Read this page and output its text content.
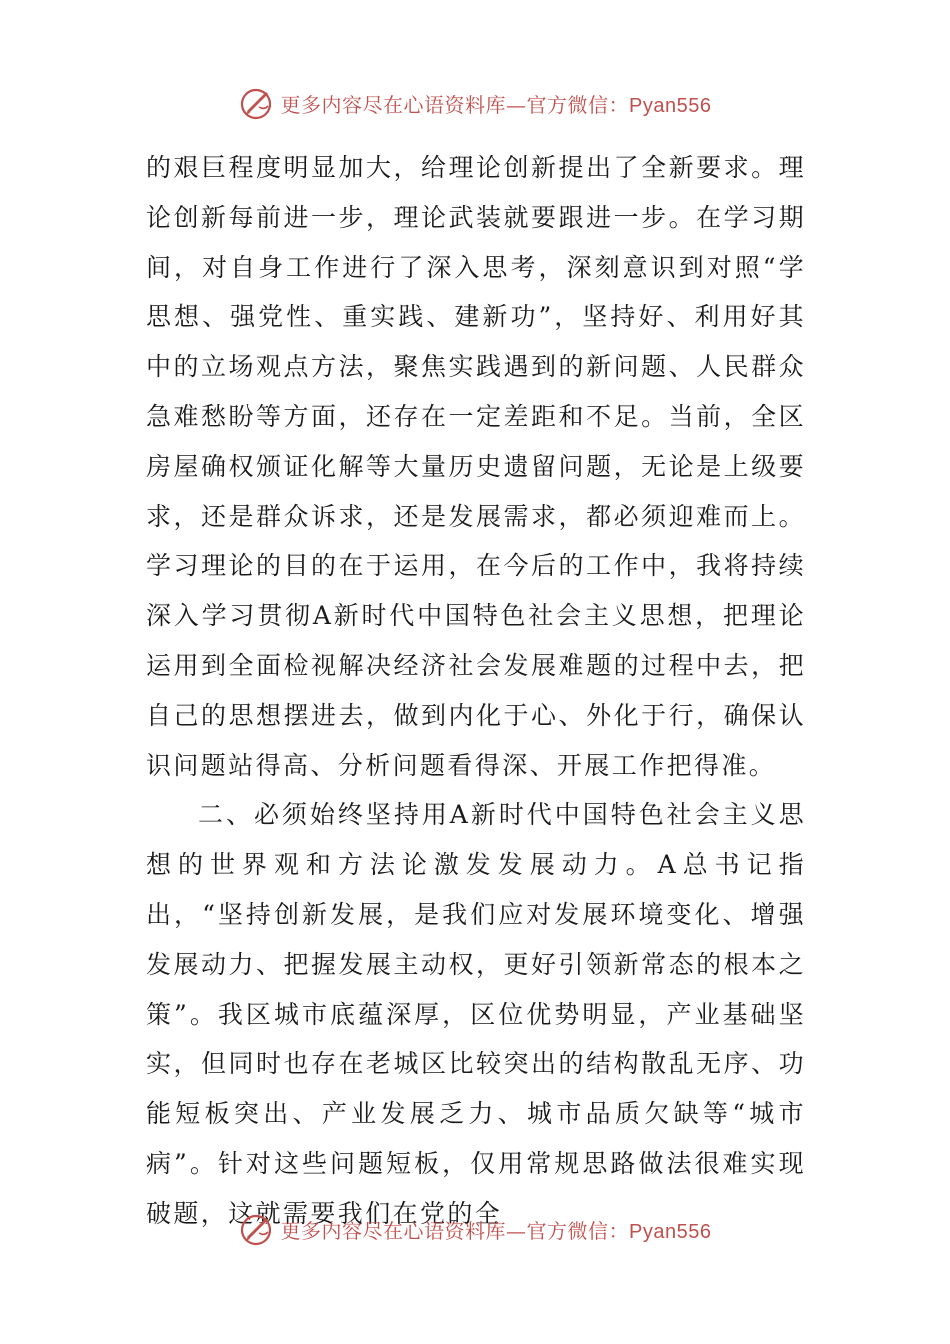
更多内容尽在心语资料库—官方微信：Pyan556

的艰巨程度明显加大，给理论创新提出了全新要求。理论创新每前进一步，理论武装就要跟进一步。在学习期间，对自身工作进行了深入思考，深刻意识到对照“学思想、强党性、重实践、建新功”，坚持好、利用好其中的立场观点方法，聚焦实践遇到的新问题、人民群众急难愁盼等方面，还存在一定差距和不足。当前，全区房屋确权颁证化解等大量历史遗留问题，无论是上级要求，还是群众诉求，还是发展需求，都必须迎难而上。学习理论的目的在于运用，在今后的工作中，我将持续深入学习贯彻A新时代中国特色社会主义思想，把理论运用到全面检视解决经济社会发展难题的过程中去，把自己的思想摆进去，做到内化于心、外化于行，确保认识问题站得高、分析问题看得深、开展工作把得准。

二、必须始终坚持用A新时代中国特色社会主义思想的世界观和方法论激发发展动力。A总书记指出，“坚持创新发展，是我们应对发展环境变化、增强发展动力、把握发展主动权，更好引领新常态的根本之策”。我区城市底蕴深厚，区位优势明显，产业基础坚实，但同时也存在老城区比较突出的结构散乱无序、功能短板突出、产业发展乏力、城市品质欠缺等“城市病”。针对这些问题短板，仅用常规思路做法很难实现破题，这就需要我们在党的全

更多内容尽在心语资料库—官方微信：Pyan556
